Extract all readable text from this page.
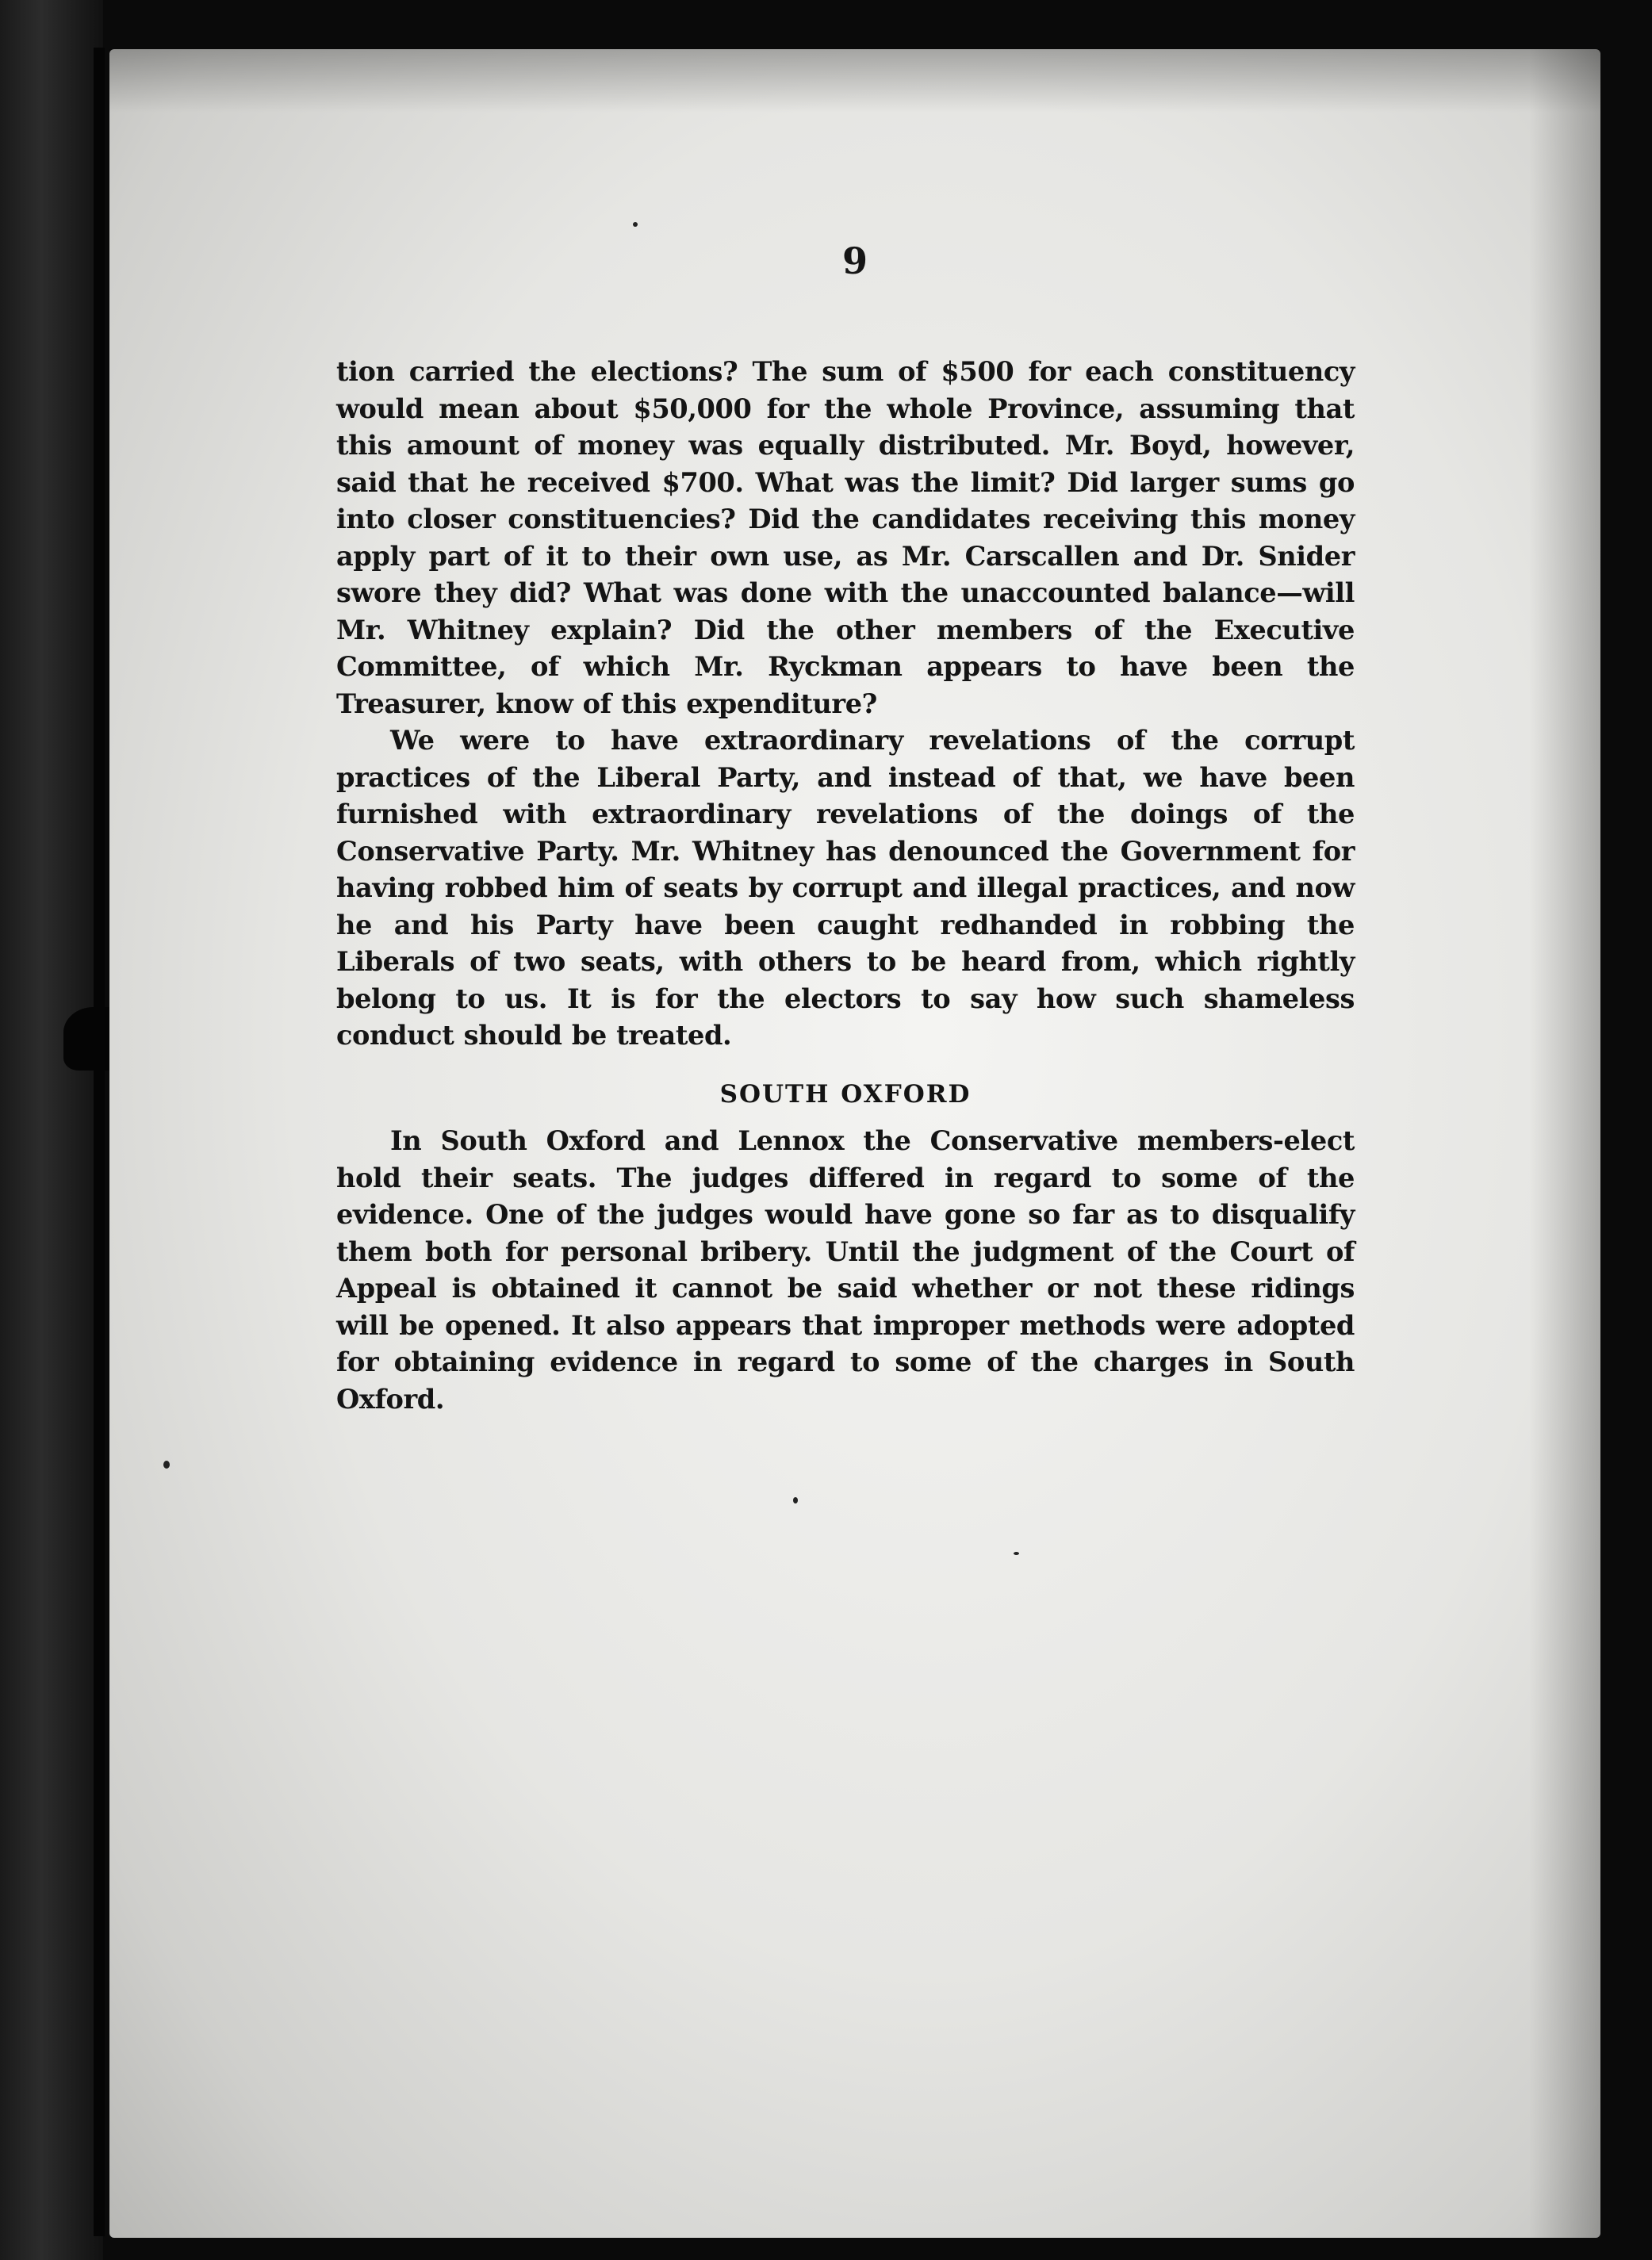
9

tion carried the elections? The sum of $500 for each constituency would mean about $50,000 for the whole Province, assuming that this amount of money was equally distributed. Mr. Boyd, however, said that he received $700. What was the limit? Did larger sums go into closer constituencies? Did the candidates receiving this money apply part of it to their own use, as Mr. Carscallen and Dr. Snider swore they did? What was done with the unaccounted balance—will Mr. Whitney explain? Did the other members of the Executive Committee, of which Mr. Ryckman appears to have been the Treasurer, know of this expenditure?

We were to have extraordinary revelations of the corrupt practices of the Liberal Party, and instead of that, we have been furnished with extraordinary revelations of the doings of the Conservative Party. Mr. Whitney has denounced the Government for having robbed him of seats by corrupt and illegal practices, and now he and his Party have been caught redhanded in robbing the Liberals of two seats, with others to be heard from, which rightly belong to us. It is for the electors to say how such shameless conduct should be treated.

SOUTH OXFORD

In South Oxford and Lennox the Conservative members-elect hold their seats. The judges differed in regard to some of the evidence. One of the judges would have gone so far as to disqualify them both for personal bribery. Until the judgment of the Court of Appeal is obtained it cannot be said whether or not these ridings will be opened. It also appears that improper methods were adopted for obtaining evidence in regard to some of the charges in South Oxford.
